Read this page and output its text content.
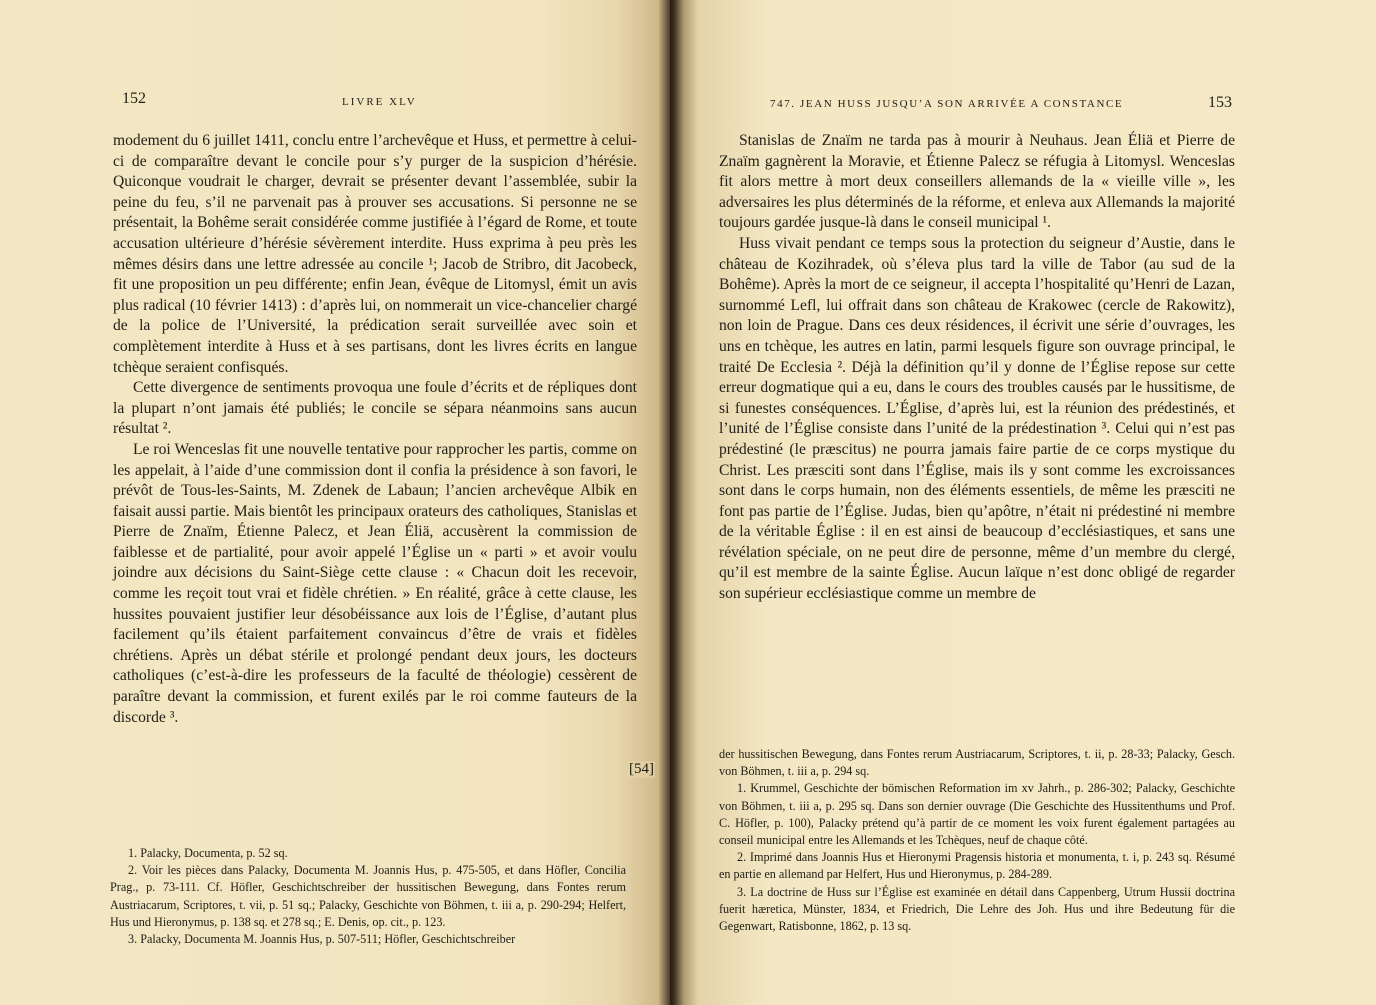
152	LIVRE XLV

modement du 6 juillet 1411, conclu entre l’archevêque et Huss, et permettre à celui-ci de comparaître devant le concile pour s’y purger de la suspicion d’hérésie. Quiconque voudrait le charger, devrait se présenter devant l’assemblée, subir la peine du feu, s’il ne parvenait pas à prouver ses accusations. Si personne ne se présentait, la Bohême serait considérée comme justifiée à l’égard de Rome, et toute accusation ultérieure d’hérésie sévèrement interdite. Huss exprima à peu près les mêmes désirs dans une lettre adressée au concile ¹; Jacob de Stribro, dit Jacobeck, fit une proposition un peu différente; enfin Jean, évêque de Litomysl, émit un avis plus radical (10 février 1413) : d’après lui, on nommerait un vice-chancelier chargé de la police de l’Université, la prédication serait surveillée avec soin et complètement interdite à Huss et à ses partisans, dont les livres écrits en langue tchèque seraient confisqués.

Cette divergence de sentiments provoqua une foule d’écrits et de répliques dont la plupart n’ont jamais été publiés; le concile se sépara néanmoins sans aucun résultat ².

Le roi Wenceslas fit une nouvelle tentative pour rapprocher les partis, comme on les appelait, à l’aide d’une commission dont il confia la présidence à son favori, le prévôt de Tous-les-Saints, M. Zdenek de Labaun; l’ancien archevêque Albik en faisait aussi partie. Mais bientôt les principaux orateurs des catholiques, Stanislas et Pierre de Znaïm, Étienne Palecz, et Jean Éliä, accusèrent la commission de faiblesse et de partialité, pour avoir appelé l’Église un « parti » et avoir voulu joindre aux décisions du Saint-Siège cette clause : « Chacun doit les recevoir, comme les reçoit tout vrai et fidèle chrétien. » En réalité, grâce à cette clause, les hussites pouvaient justifier leur désobéissance aux lois de l’Église, d’autant plus facilement qu’ils étaient parfaitement convaincus d’être de vrais et fidèles chrétiens. Après un débat stérile et prolongé pendant deux jours, les docteurs catholiques (c’est-à-dire les professeurs de la faculté de théologie) cessèrent de paraître devant la commission, et furent exilés par le roi comme fauteurs de la discorde ³.

1. Palacky, Documenta, p. 52 sq.

2. Voir les pièces dans Palacky, Documenta M. Joannis Hus, p. 475-505, et dans Höfler, Concilia Prag., p. 73-111. Cf. Höfler, Geschichtschreiber der hussitischen Bewegung, dans Fontes rerum Austriacarum, Scriptores, t. vii, p. 51 sq.; Palacky, Geschichte von Böhmen, t. iii a, p. 290-294; Helfert, Hus und Hieronymus, p. 138 sq. et 278 sq.; E. Denis, op. cit., p. 123.

3. Palacky, Documenta M. Joannis Hus, p. 507-511; Höfler, Geschichtschreiber

747. JEAN HUSS JUSQU’A SON ARRIVÉE A CONSTANCE	153

Stanislas de Znaïm ne tarda pas à mourir à Neuhaus. Jean Éliä et Pierre de Znaïm gagnèrent la Moravie, et Étienne Palecz se réfugia à Litomysl. Wenceslas fit alors mettre à mort deux conseillers allemands de la « vieille ville », les adversaires les plus déterminés de la réforme, et enleva aux Allemands la majorité toujours gardée jusque-là dans le conseil municipal ¹.

Huss vivait pendant ce temps sous la protection du seigneur d’Austie, dans le château de Kozihradek, où s’éleva plus tard la ville de Tabor (au sud de la Bohême). Après la mort de ce seigneur, il accepta l’hospitalité qu’Henri de Lazan, surnommé Lefl, lui offrait dans son château de Krakowec (cercle de Rakowitz), non loin de Prague. Dans ces deux résidences, il écrivit une série d’ouvrages, les uns en tchèque, les autres en latin, parmi lesquels figure son ouvrage principal, le traité De Ecclesia ². Déjà la définition qu’il y donne de l’Église repose sur cette erreur dogmatique qui a eu, dans le cours des troubles causés par le hussitisme, de si funestes conséquences. L’Église, d’après lui, est la réunion des prédestinés, et l’unité de l’Église consiste dans l’unité de la prédestination ³. Celui qui n’est pas prédestiné (le præscitus) ne pourra jamais faire partie de ce corps mystique du Christ. Les præsciti sont dans l’Église, mais ils y sont comme les excroissances sont dans le corps humain, non des éléments essentiels, de même les præsciti ne font pas partie de l’Église. Judas, bien qu’apôtre, n’était ni prédestiné ni membre de la véritable Église : il en est ainsi de beaucoup d’ecclésiastiques, et sans une révélation spéciale, on ne peut dire de personne, même d’un membre du clergé, qu’il est membre de la sainte Église. Aucun laïque n’est donc obligé de regarder son supérieur ecclésiastique comme un membre de

der hussitischen Bewegung, dans Fontes rerum Austriacarum, Scriptores, t. ii, p. 28-33; Palacky, Gesch. von Böhmen, t. iii a, p. 294 sq.

1. Krummel, Geschichte der bömischen Reformation im xv Jahrh., p. 286-302; Palacky, Geschichte von Böhmen, t. iii a, p. 295 sq. Dans son dernier ouvrage (Die Geschichte des Hussitenthums und Prof. C. Höfler, p. 100), Palacky prétend qu’à partir de ce moment les voix furent également partagées au conseil municipal entre les Allemands et les Tchèques, neuf de chaque côté.

2. Imprimé dans Joannis Hus et Hieronymi Pragensis historia et monumenta, t. i, p. 243 sq. Résumé en partie en allemand par Helfert, Hus und Hieronymus, p. 284-289.

3. La doctrine de Huss sur l’Église est examinée en détail dans Cappenberg, Utrum Hussii doctrina fuerit hæretica, Münster, 1834, et Friedrich, Die Lehre des Joh. Hus und ihre Bedeutung für die Gegenwart, Ratisbonne, 1862, p. 13 sq.

[54]
